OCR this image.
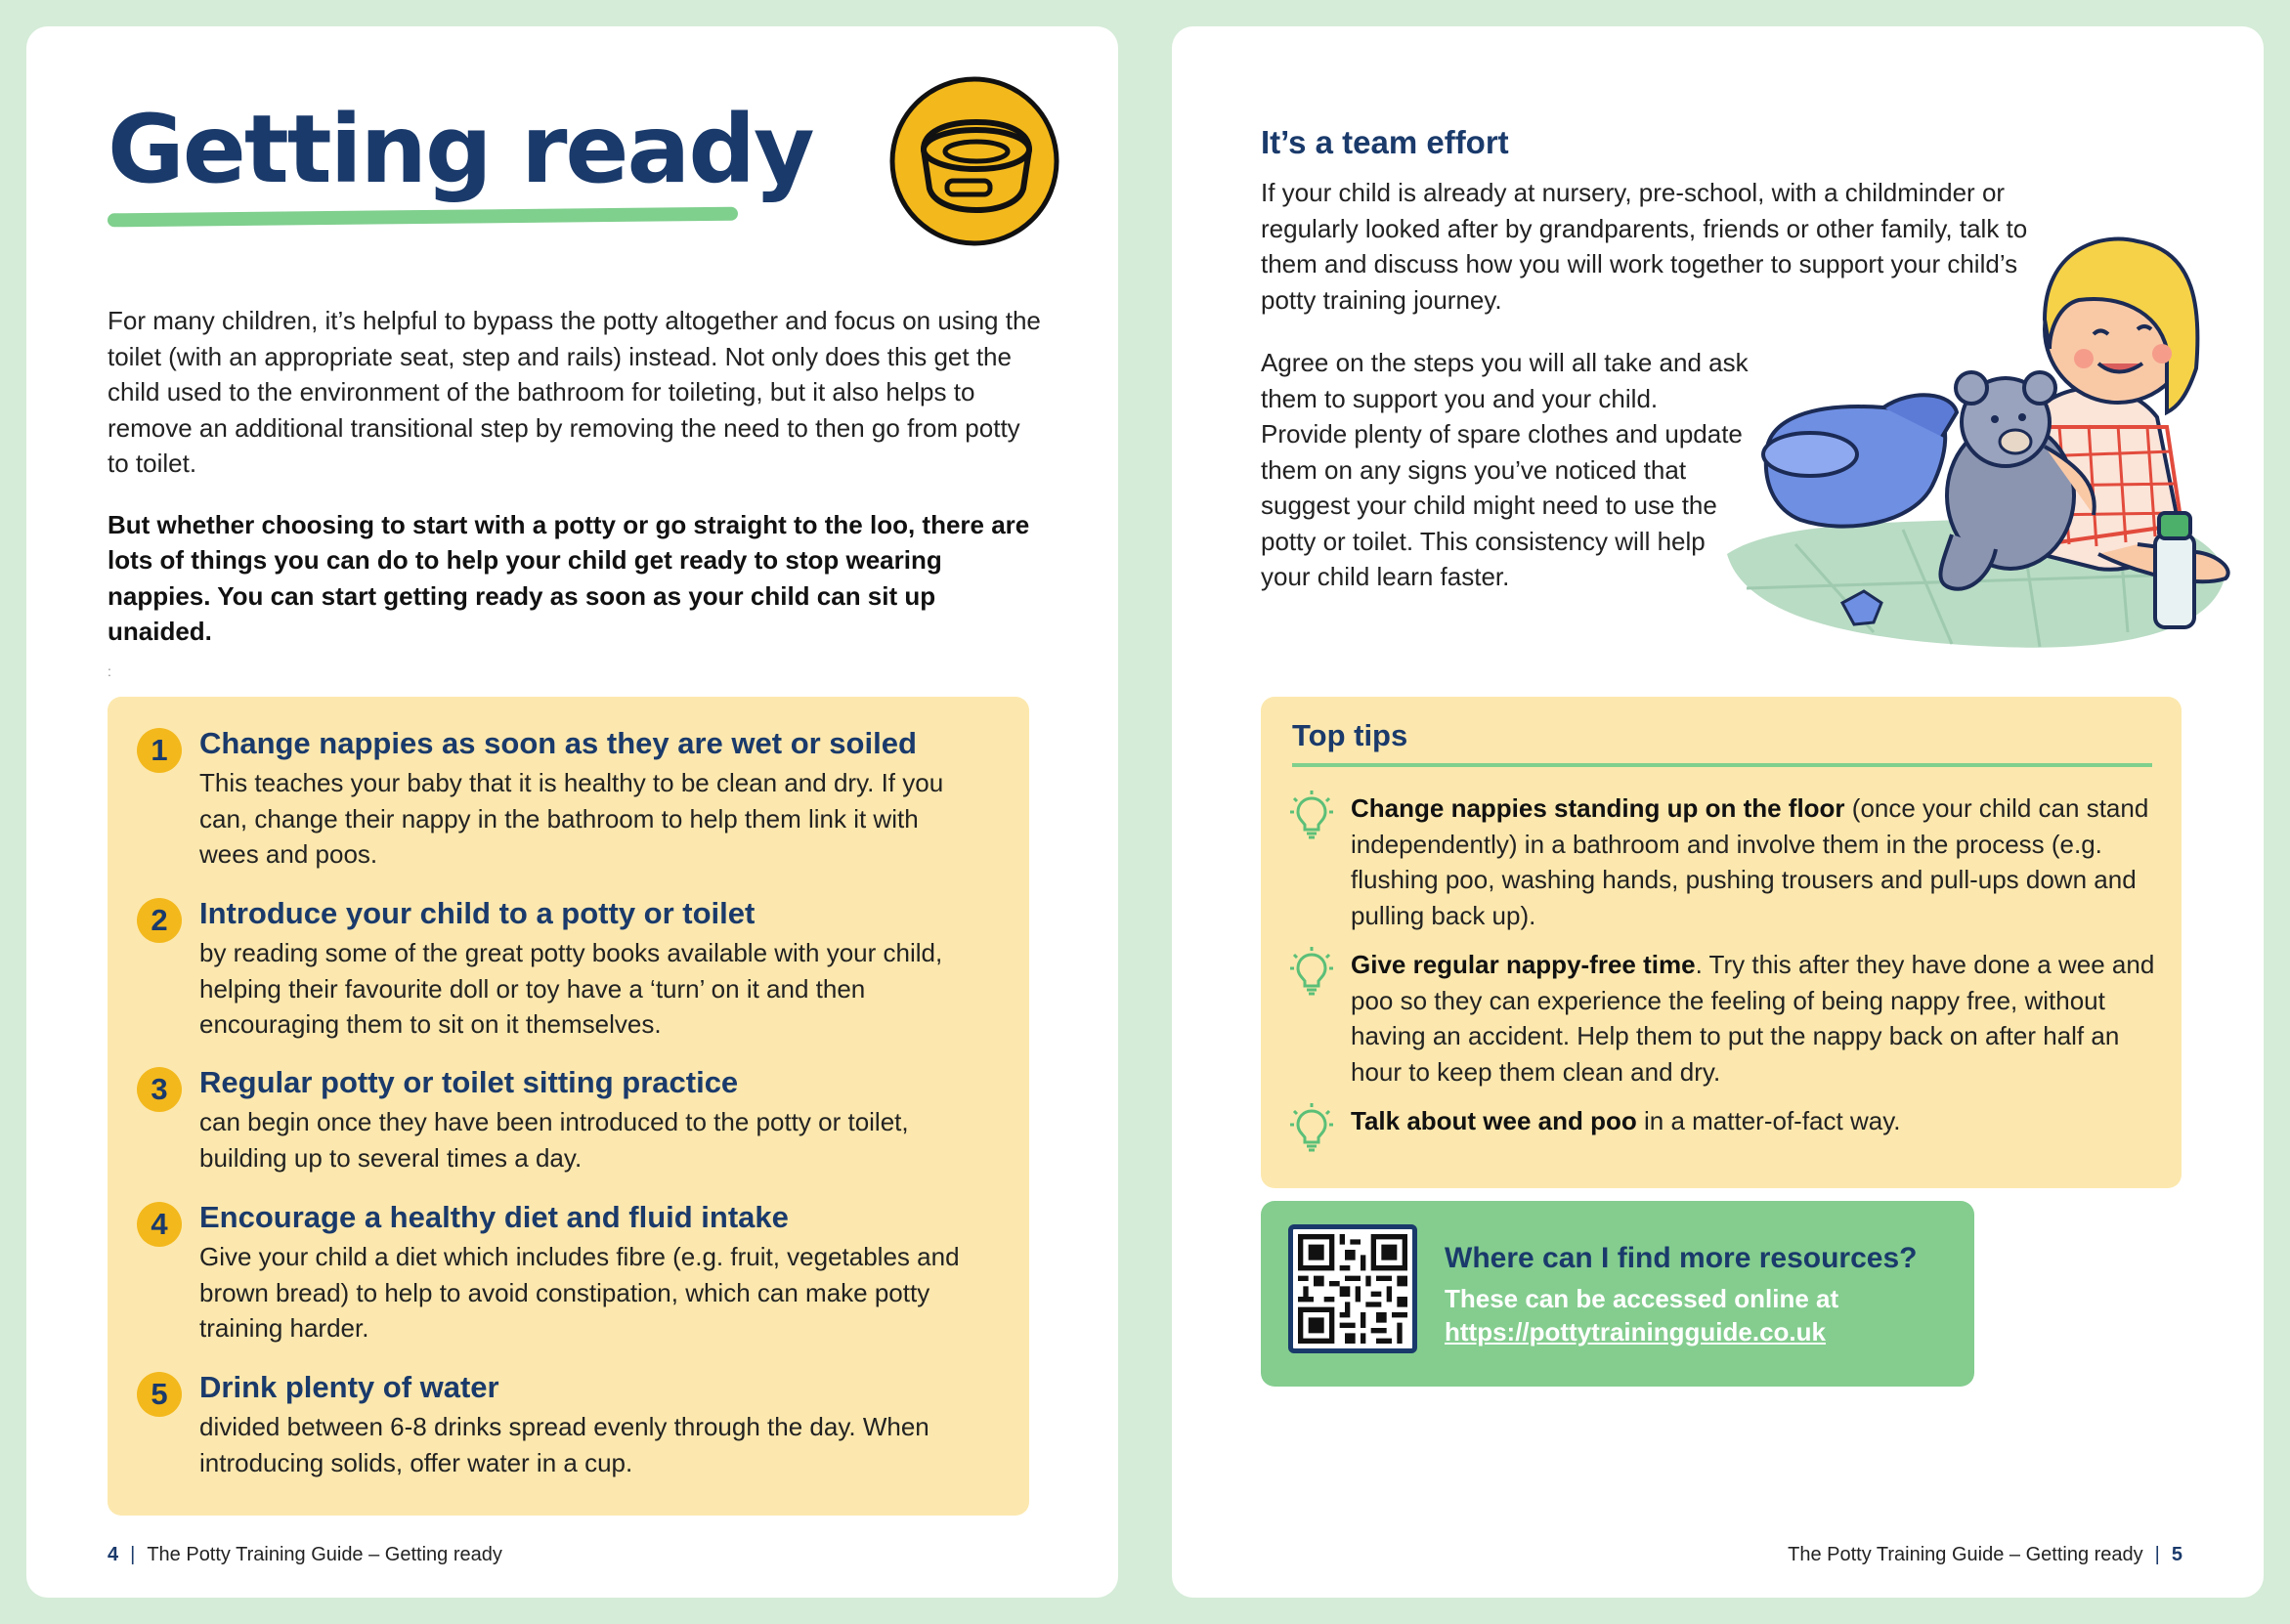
Getting ready

For many children, it’s helpful to bypass the potty altogether and focus on using the toilet (with an appropriate seat, step and rails) instead. Not only does this get the child used to the environment of the bathroom for toileting, but it also helps to remove an additional transitional step by removing the need to then go from potty to toilet.

But whether choosing to start with a potty or go straight to the loo, there are lots of things you can do to help your child get ready to stop wearing nappies. You can start getting ready as soon as your child can sit up unaided.

:
1	Change nappies as soon as they are wet or soiled
This teaches your baby that it is healthy to be clean and dry. If you can, change their nappy in the bathroom to help them link it with wees and poos.
2	Introduce your child to a potty or toilet
by reading some of the great potty books available with your child, helping their favourite doll or toy have a ‘turn’ on it and then encouraging them to sit on it themselves.
3	Regular potty or toilet sitting practice
can begin once they have been introduced to the potty or toilet, building up to several times a day.
4	Encourage a healthy diet and fluid intake
Give your child a diet which includes fibre (e.g. fruit, vegetables and brown bread) to help to avoid constipation, which can make potty training harder.
5	Drink plenty of water
divided between 6-8 drinks spread evenly through the day. When introducing solids, offer water in a cup.
4 | The Potty Training Guide – Getting ready
It’s a team effort

If your child is already at nursery, pre-school, with a childminder or regularly looked after by grandparents, friends or other family, talk to them and discuss how you will work together to support your child’s potty training journey.

Agree on the steps you will all take and ask them to support you and your child. Provide plenty of spare clothes and update them on any signs you’ve noticed that suggest your child might need to use the potty or toilet. This consistency will help your child learn faster.

Top tips
Change nappies standing up on the floor (once your child can stand independently) in a bathroom and involve them in the process (e.g. flushing poo, washing hands, pushing trousers and pull-ups down and pulling back up).
Give regular nappy-free time. Try this after they have done a wee and poo so they can experience the feeling of being nappy free, without having an accident. Help them to put the nappy back on after half an hour to keep them clean and dry.
Talk about wee and poo in a matter-of-fact way.
Where can I find more resources?
These can be accessed online at
https://pottytrainingguide.co.uk
The Potty Training Guide – Getting ready | 5
